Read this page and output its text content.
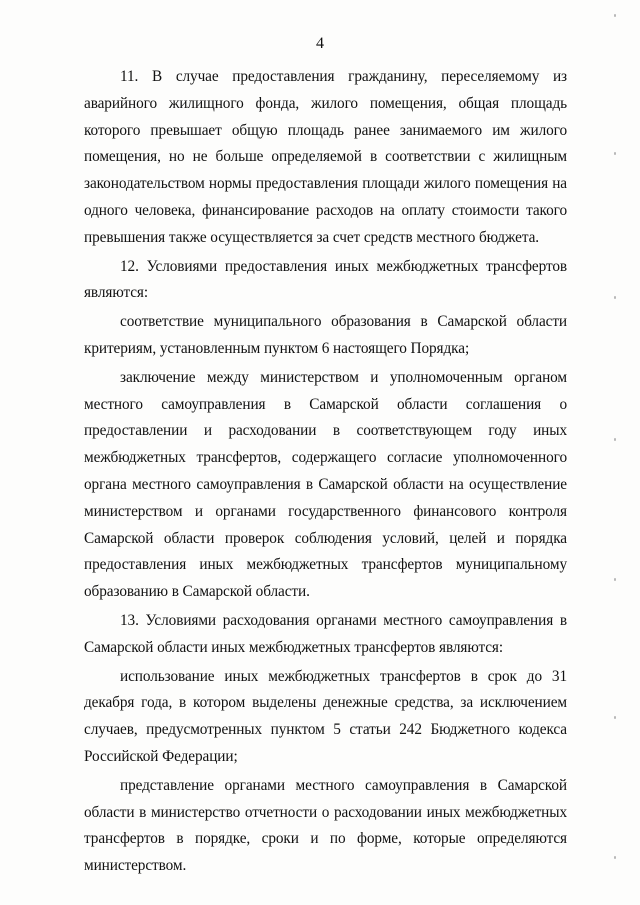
4

11. В случае предоставления гражданину, переселяемому из аварийного жилищного фонда, жилого помещения, общая площадь которого превышает общую площадь ранее занимаемого им жилого помещения, но не больше определяемой в соответствии с жилищным законодательством нормы предоставления площади жилого помещения на одного человека, финансирование расходов на оплату стоимости такого превышения также осуществляется за счет средств местного бюджета.

12. Условиями предоставления иных межбюджетных трансфертов являются:

соответствие муниципального образования в Самарской области критериям, установленным пунктом 6 настоящего Порядка;

заключение между министерством и уполномоченным органом местного самоуправления в Самарской области соглашения о предоставлении и расходовании в соответствующем году иных межбюджетных трансфертов, содержащего согласие уполномоченного органа местного самоуправления в Самарской области на осуществление министерством и органами государственного финансового контроля Самарской области проверок соблюдения условий, целей и порядка предоставления иных межбюджетных трансфертов муниципальному образованию в Самарской области.

13. Условиями расходования органами местного самоуправления в Самарской области иных межбюджетных трансфертов являются:

использование иных межбюджетных трансфертов в срок до 31 декабря года, в котором выделены денежные средства, за исключением случаев, предусмотренных пунктом 5 статьи 242 Бюджетного кодекса Российской Федерации;

представление органами местного самоуправления в Самарской области в министерство отчетности о расходовании иных межбюджетных трансфертов в порядке, сроки и по форме, которые определяются министерством.
